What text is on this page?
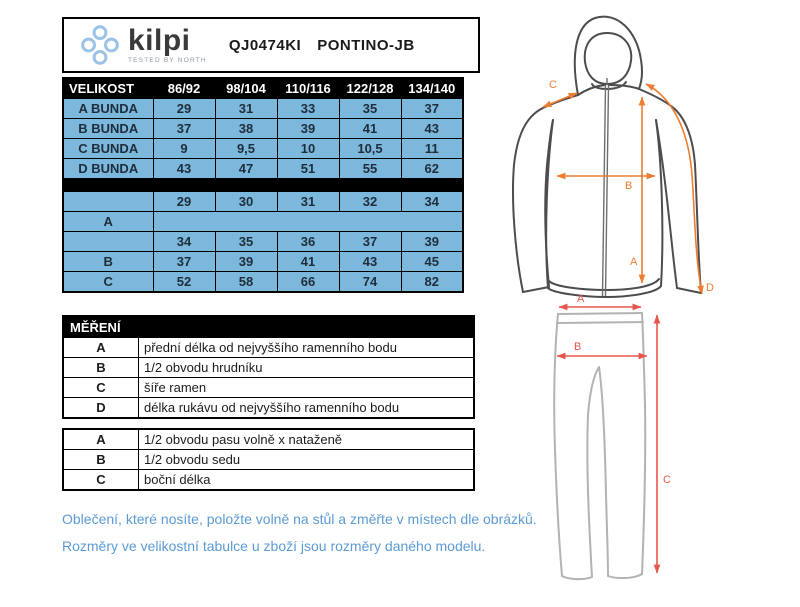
kilpi
TESTED BY NORTH
QJ0474KI PONTINO-JB
VELIKOST	86/92	98/104	110/116	122/128	134/140
A BUNDA	29	31	33	35	37
B BUNDA	37	38	39	41	43
C BUNDA	9	9,5	10	10,5	11
D BUNDA	43	47	51	55	62

	29	30	31	32	34
A					
	34	35	36	37	39
B	37	39	41	43	45
C	52	58	66	74	82
MĚŘENÍ	
A	přední délka od nejvyššího ramenního bodu
B	1/2 obvodu hrudníku
C	šíře ramen
D	délka rukávu od nejvyššího ramenního bodu
A	1/2 obvodu pasu volně x nataženě
B	1/2 obvodu sedu
C	boční délka
Oblečení, které nosíte, položte volně na stůl a změřte v místech dle obrázků.
Rozměry ve velikostní tabulce u zboží jsou rozměry daného modelu.
C
B
A
D
A
B
C
